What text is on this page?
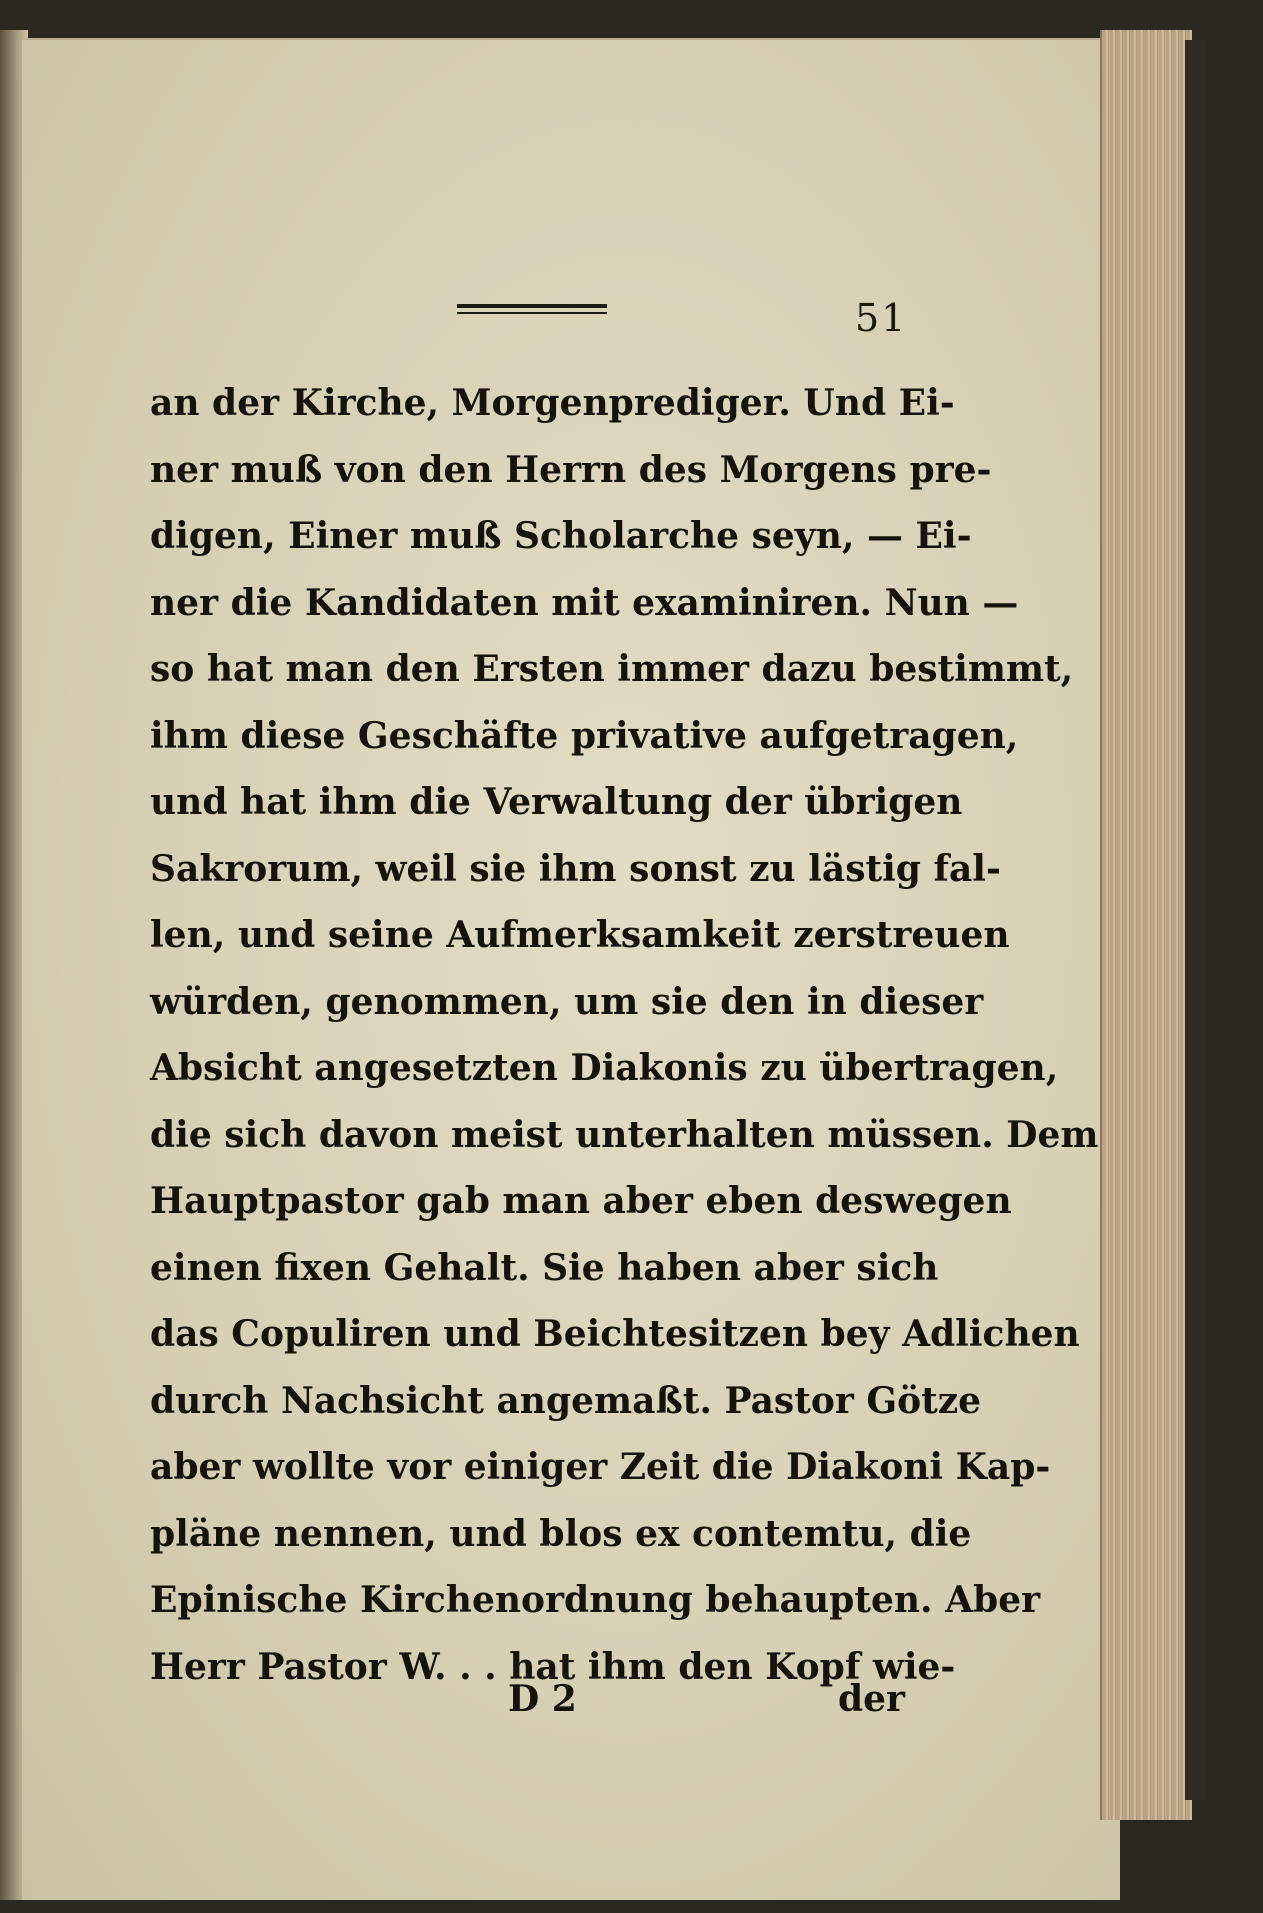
51
an der Kirche, Morgenprediger. Und Ei-
ner muß von den Herrn des Morgens pre-
digen, Einer muß Scholarche seyn, — Ei-
ner die Kandidaten mit examiniren. Nun —
so hat man den Ersten immer dazu bestimmt,
ihm diese Geschäfte privative aufgetragen,
und hat ihm die Verwaltung der übrigen
Sakrorum, weil sie ihm sonst zu lästig fal-
len, und seine Aufmerksamkeit zerstreuen
würden, genommen, um sie den in dieser
Absicht angesetzten Diakonis zu übertragen,
die sich davon meist unterhalten müssen. Dem
Hauptpastor gab man aber eben deswegen
einen fixen Gehalt. Sie haben aber sich
das Copuliren und Beichtesitzen bey Adlichen
durch Nachsicht angemaßt. Pastor Götze
aber wollte vor einiger Zeit die Diakoni Kap-
pläne nennen, und blos ex contemtu, die
Epinische Kirchenordnung behaupten. Aber
Herr Pastor W. . . hat ihm den Kopf wie-
D 2	der
